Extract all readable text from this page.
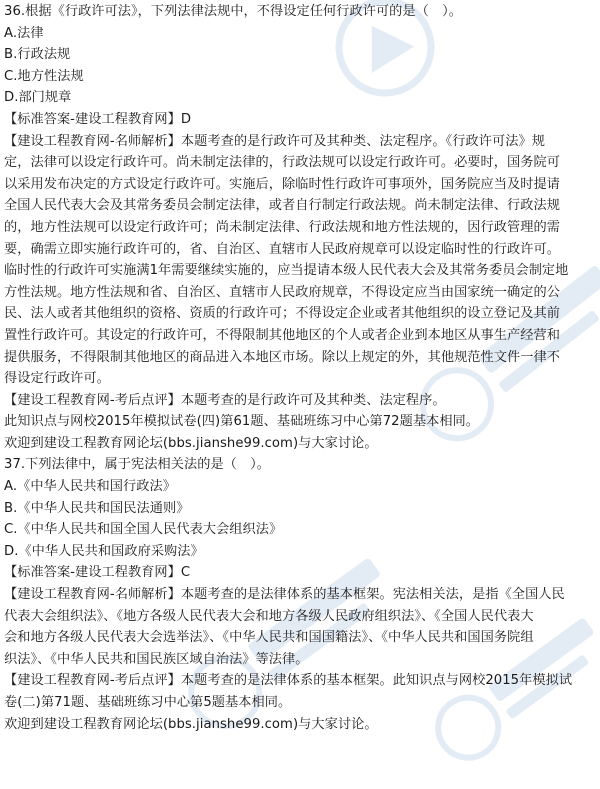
36.根据《行政许可法》，下列法律法规中，不得设定任何行政许可的是（　）。
A.法律
B.行政法规
C.地方性法规
D.部门规章
【标准答案-建设工程教育网】D
【建设工程教育网-名师解析】本题考查的是行政许可及其种类、法定程序。《行政许可法》规
定，法律可以设定行政许可。尚未制定法律的，行政法规可以设定行政许可。必要时，国务院可
以采用发布决定的方式设定行政许可。实施后，除临时性行政许可事项外，国务院应当及时提请
全国人民代表大会及其常务委员会制定法律，或者自行制定行政法规。尚未制定法律、行政法规
的，地方性法规可以设定行政许可；尚未制定法律、行政法规和地方性法规的，因行政管理的需
要，确需立即实施行政许可的，省、自治区、直辖市人民政府规章可以设定临时性的行政许可。
临时性的行政许可实施满1年需要继续实施的，应当提请本级人民代表大会及其常务委员会制定地
方性法规。地方性法规和省、自治区、直辖市人民政府规章，不得设定应当由国家统一确定的公
民、法人或者其他组织的资格、资质的行政许可；不得设定企业或者其他组织的设立登记及其前
置性行政许可。其设定的行政许可，不得限制其他地区的个人或者企业到本地区从事生产经营和
提供服务，不得限制其他地区的商品进入本地区市场。除以上规定的外，其他规范性文件一律不
得设定行政许可。
【建设工程教育网-考后点评】本题考查的是行政许可及其种类、法定程序。
此知识点与网校2015年模拟试卷(四)第61题、基础班练习中心第72题基本相同。
欢迎到建设工程教育网论坛(bbs.jianshe99.com)与大家讨论。
37.下列法律中，属于宪法相关法的是（　）。
A.《中华人民共和国行政法》
B.《中华人民共和国民法通则》
C.《中华人民共和国全国人民代表大会组织法》
D.《中华人民共和国政府采购法》
【标准答案-建设工程教育网】C
【建设工程教育网-名师解析】本题考查的是法律体系的基本框架。宪法相关法，是指《全国人民
代表大会组织法》、《地方各级人民代表大会和地方各级人民政府组织法》、《全国人民代表大
会和地方各级人民代表大会选举法》、《中华人民共和国国籍法》、《中华人民共和国国务院组
织法》、《中华人民共和国民族区域自治法》等法律。
【建设工程教育网-考后点评】本题考查的是法律体系的基本框架。此知识点与网校2015年模拟试
卷(二)第71题、基础班练习中心第5题基本相同。
欢迎到建设工程教育网论坛(bbs.jianshe99.com)与大家讨论。
